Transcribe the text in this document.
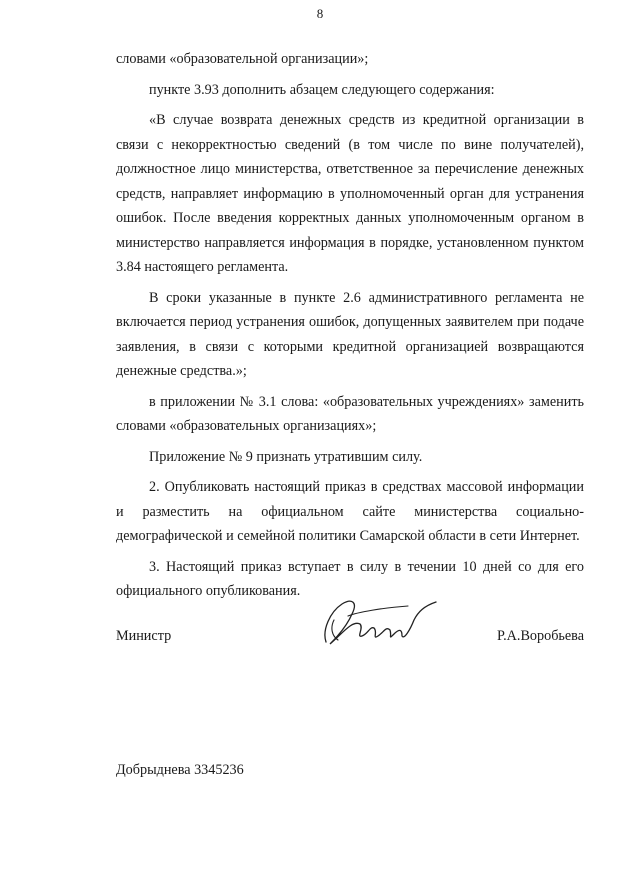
8

словами «образовательной организации»;

пункте 3.93 дополнить абзацем следующего содержания:

«В случае возврата денежных средств из кредитной организации в связи с некорректностью сведений (в том числе по вине получателей), должностное лицо министерства, ответственное за перечисление денежных средств, направляет информацию в уполномоченный орган для устранения ошибок. После введения корректных данных уполномоченным органом в министерство направляется информация в порядке, установленном пунктом 3.84 настоящего регламента.

В сроки указанные в пункте 2.6 административного регламента не включается период устранения ошибок, допущенных заявителем при подаче заявления, в связи с которыми кредитной организацией возвращаются денежные средства.»;

в приложении № 3.1 слова: «образовательных учреждениях» заменить словами «образовательных организациях»;

Приложение № 9 признать утратившим силу.

2. Опубликовать настоящий приказ в средствах массовой информации и разместить на официальном сайте министерства социально-демографической и семейной политики Самарской области в сети Интернет.

3. Настоящий приказ вступает в силу в течении 10 дней со для его официального опубликования.

Министр	Р.А.Воробьева
Добрыднева 3345236
